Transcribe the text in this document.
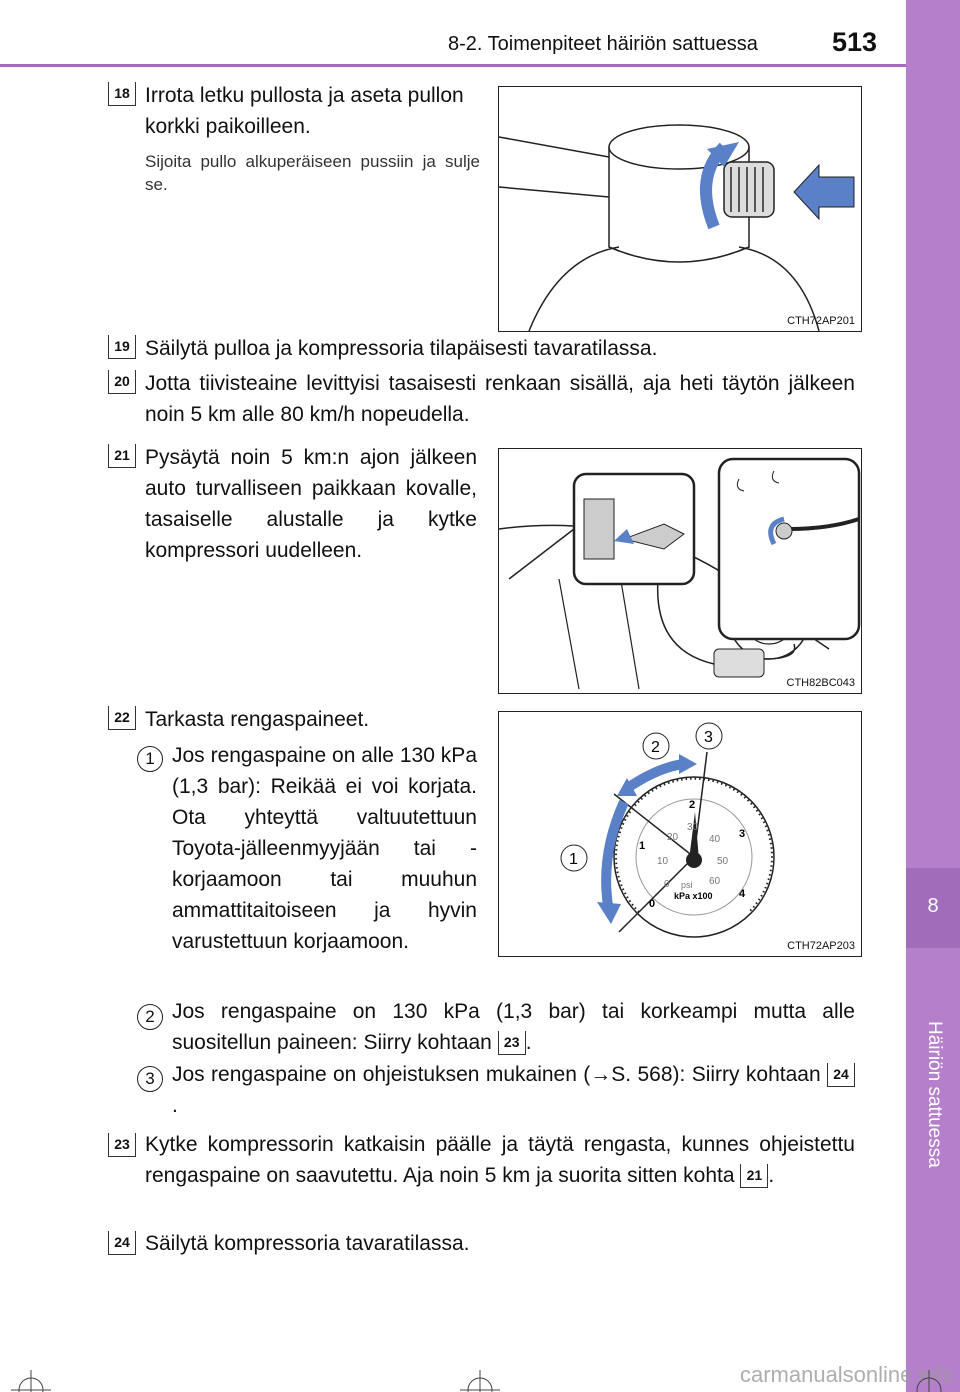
8-2. Toimenpiteet häiriön sattuessa	513
8
18 Irrota letku pullosta ja aseta pullon korkki paikoilleen.
Sijoita pullo alkuperäiseen pussiin ja sulje se.
CTH72AP201
19 Säilytä pulloa ja kompressoria tilapäisesti tavaratilassa.
20 Jotta tiivisteaine levittyisi tasaisesti renkaan sisällä, aja heti täytön jälkeen noin 5 km alle 80 km/h nopeudella.
21 Pysäytä noin 5 km:n ajon jälkeen auto turvalliseen paikkaan kovalle, tasaiselle alustalle ja kytke kompressori uudelleen.
CTH82BC043
22 Tarkasta rengaspaineet.
1 Jos rengaspaine on alle 130 kPa (1,3 bar): Reikää ei voi korjata. Ota yhteyttä valtuutettuun Toyota-jälleenmyyjään tai -korjaamoon tai muuhun ammattitaitoiseen ja hyvin varustettuun korjaamoon.
2 Jos rengaspaine on 130 kPa (1,3 bar) tai korkeampi mutta alle suositellun paineen: Siirry kohtaan 23 .
3 Jos rengaspaine on ohjeistuksen mukainen (→S. 568): Siirry kohtaan 24.
0
1
2
3
4
0
10
20
30
40
50
60
psi
kPa x100
1
2
3
CTH72AP203
23 Kytke kompressorin katkaisin päälle ja täytä rengasta, kunnes ohjeistettu rengaspaine on saavutettu. Aja noin 5 km ja suorita sitten kohta 21 .
24 Säilytä kompressoria tavaratilassa.
carmanualsonline.info
